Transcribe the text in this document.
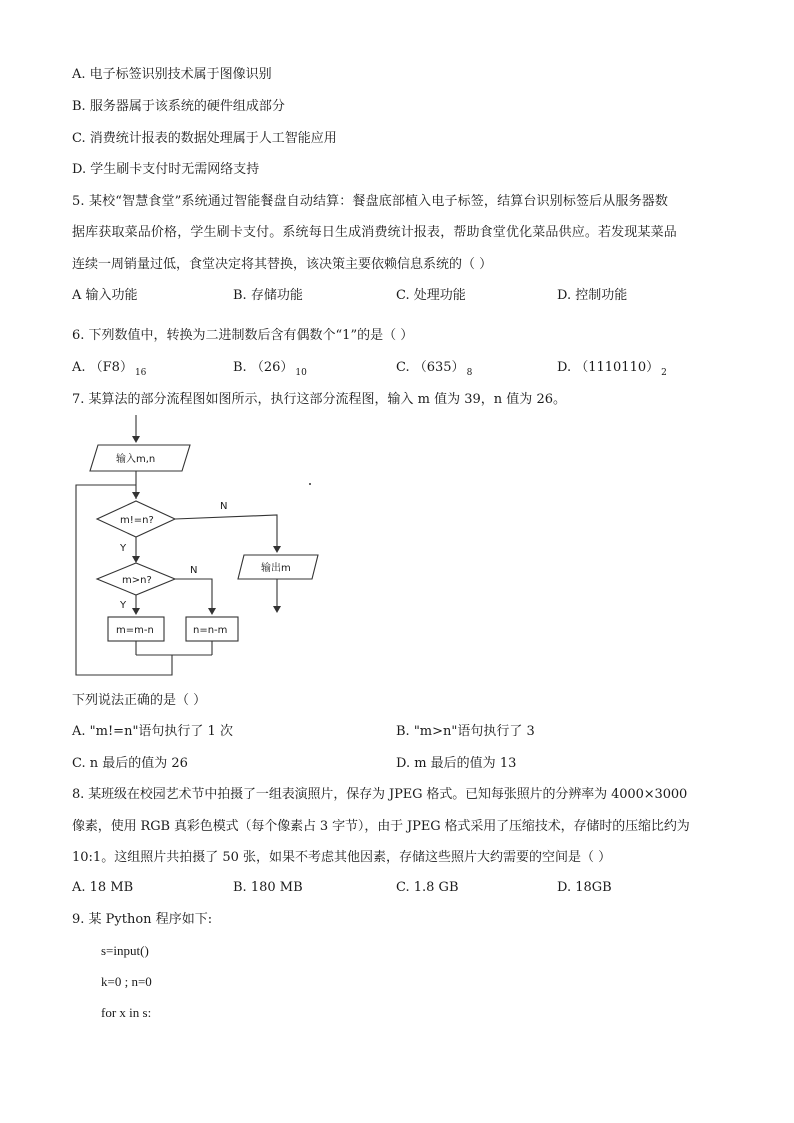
A. 电子标签识别技术属于图像识别
B. 服务器属于该系统的硬件组成部分
C. 消费统计报表的数据处理属于人工智能应用
D. 学生刷卡支付时无需网络支持
5. 某校“智慧食堂”系统通过智能餐盘自动结算：餐盘底部植入电子标签，结算台识别标签后从服务器数
据库获取菜品价格，学生刷卡支付。系统每日生成消费统计报表，帮助食堂优化菜品供应。若发现某菜品
连续一周销量过低，食堂决定将其替换，该决策主要依赖信息系统的（ ）
A 输入功能	B. 存储功能	C. 处理功能	D. 控制功能
6. 下列数值中，转换为二进制数后含有偶数个“1”的是（ ）
A. （F8） $_{16}$	B. （26） $_{10}$	C. （635） $_8$	D. （1110110） $_2$
7. 某算法的部分流程图如图所示，执行这部分流程图，输入 m 值为 39，n 值为 26。
输入m,n
m!=n?
N
Y
m>n?
N
Y
m=m-n	n=n-m
输出m
下列说法正确的是（ ）
A. "m!=n"语句执行了 1 次	B. "m>n"语句执行了 3
C. n 最后的值为 26	D. m 最后的值为 13
8. 某班级在校园艺术节中拍摄了一组表演照片，保存为 JPEG 格式。已知每张照片的分辨率为 4000×3000
像素，使用 RGB 真彩色模式（每个像素占 3 字节），由于 JPEG 格式采用了压缩技术，存储时的压缩比约为
10:1。这组照片共拍摄了 50 张，如果不考虑其他因素，存储这些照片大约需要的空间是（ ）
A. 18 MB	B. 180 MB	C. 1.8 GB	D. 18GB
9. 某 Python 程序如下:
s=input()
k=0 ; n=0
for x in s:
